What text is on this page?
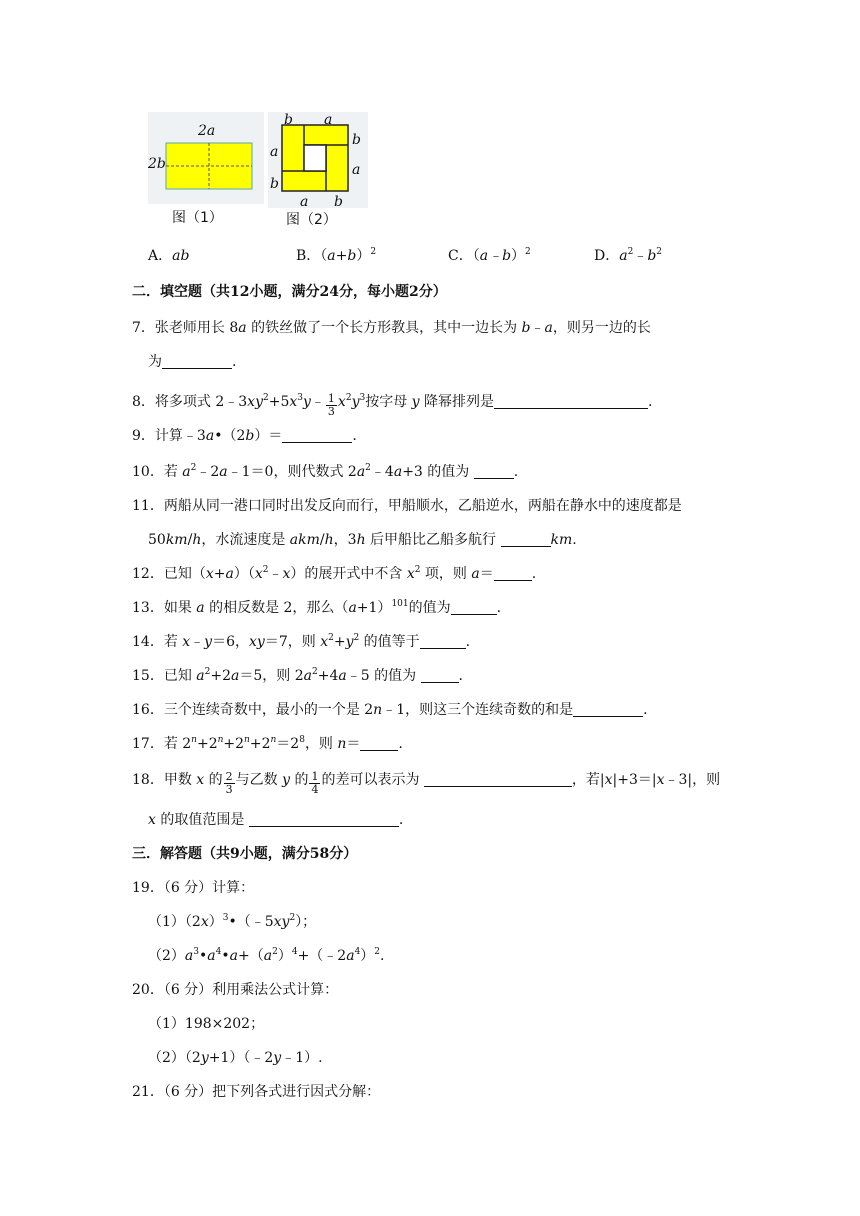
2a
2b
图（1）
b a
b
a
a
b
a b
图（2）
A．ab	B．$(a+b)^2$	C．（a﹣b）$^2$	D．$a^2﹣b^2$
二．填空题（共12小题，满分24分，每小题2分）
7．张老师用长 8a 的铁丝做了一个长方形教具，其中一边长为 b﹣a，则另一边的长
为	.
8．将多项式 $2﹣3xy^2+5x^3y﹣ \frac{1}{3} x^2y^3$按字母 y 降幂排列是	.
9．计算﹣3a•（2b）＝	.
10．若 $a^2﹣2a﹣1=0$，则代数式 $2a^2﹣4a+3$ 的值为	.
11．两船从同一港口同时出发反向而行，甲船顺水，乙船逆水，两船在静水中的速度都是
50km/h，水流速度是 akm/h，3h 后甲船比乙船多航行	km.
12．已知$(x+a)(x^2﹣x)$的展开式中不含 $x^2$ 项，则 a＝	.
13．如果 a 的相反数是 2，那么$(a+1)^{101}$的值为	.
14．若 x﹣y＝6，xy＝7，则 $x^2+y^2$ 的值等于	.
15．已知 $a^2+2a=5$，则 $2a^2+4a﹣5$ 的值为	.
16．三个连续奇数中，最小的一个是 2n﹣1，则这三个连续奇数的和是	.
17．若 $2^n+2^n+2^n+2^n=2^8$，则 n＝	.
18．甲数 x 的 $\frac{2}{3}$ 与乙数 y 的 $\frac{1}{4}$ 的差可以表示为	，若|x|+3＝|x﹣3|，则
x 的取值范围是	.
三．解答题（共9小题，满分58分）
19．（6 分）计算：
$(1)(2x)^3•(﹣5xy^2)$；
$(2)a^3•a^4•a+(a^2)^4+(﹣2a^4)^2$.
20．（6 分）利用乘法公式计算：
（1）198×202；
（2）（2y+1）（﹣2y﹣1）.
21．（6 分）把下列各式进行因式分解：
